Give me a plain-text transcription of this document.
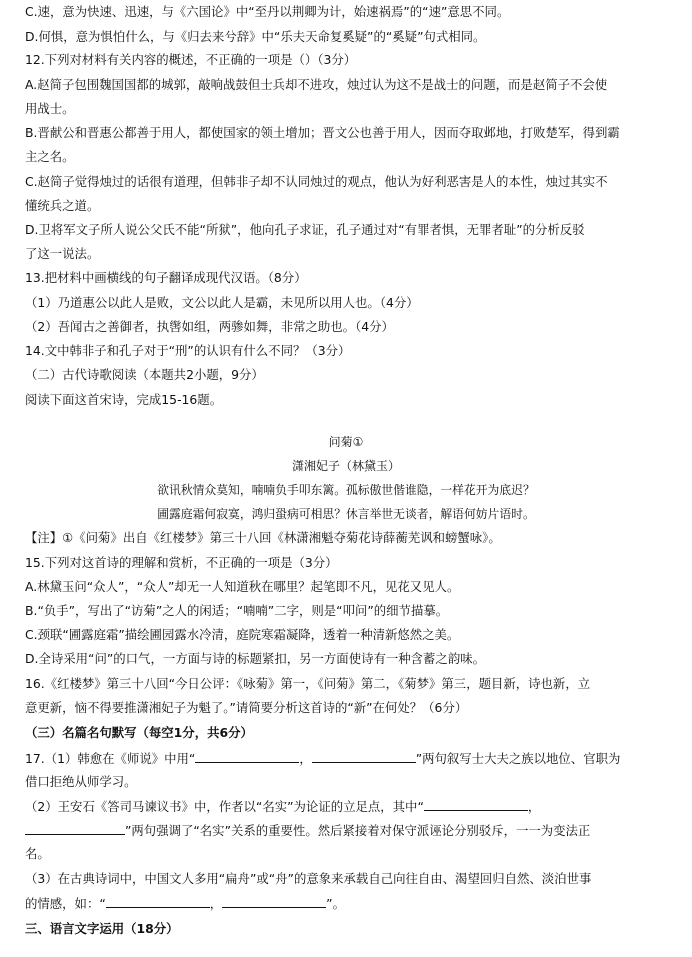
C.速，意为快速、迅速，与《六国论》中“至丹以荆卿为计，始速祸焉”的“速”意思不同。
D.何惧，意为惧怕什么，与《归去来兮辞》中“乐夫天命复奚疑”的“奚疑”句式相同。
12.下列对材料有关内容的概述，不正确的一项是（）（3分）
A.赵简子包围魏国国都的城郭，敲响战鼓但士兵却不进攻，烛过认为这不是战士的问题，而是赵简子不会使
用战士。
B.晋献公和晋惠公都善于用人，都使国家的领土增加；晋文公也善于用人，因而夺取邺地，打败楚军，得到霸
主之名。
C.赵简子觉得烛过的话很有道理，但韩非子却不认同烛过的观点，他认为好利恶害是人的本性，烛过其实不
懂统兵之道。
D.卫将军文子所人说公父氏不能“所狱”，他向孔子求证，孔子通过对“有罪者惧，无罪者耻”的分析反驳
了这一说法。
13.把材料中画横线的句子翻译成现代汉语。（8分）
（1）乃道惠公以此人是败，文公以此人是霸，未见所以用人也。（4分）
（2）吾闻古之善御者，执辔如组，两骖如舞，非常之助也。（4分）
14.文中韩非子和孔子对于“刑”的认识有什么不同？（3分）
（二）古代诗歌阅读（本题共2小题，9分）
阅读下面这首宋诗，完成15-16题。
问菊①
潇湘妃子（林黛玉）
欲讯秋情众莫知，喃喃负手叩东篱。孤标傲世偕谁隐，一样花开为底迟？
圃露庭霜何寂寞，鸿归蛩病可相思？休言举世无谈者，解语何妨片语时。
【注】①《问菊》出自《红楼梦》第三十八回《林潇湘魁夺菊花诗薛蘅芜讽和螃蟹咏》。
15.下列对这首诗的理解和赏析，不正确的一项是（3分）
A.林黛玉问“众人”，“众人”却无一人知道秋在哪里？起笔即不凡，见花又见人。
B.“负手”，写出了“访菊”之人的闲适；“喃喃”二字，则是“叩问”的细节描摹。
C.颈联“圃露庭霜”描绘圃园露水冷清，庭院寒霜凝降，透着一种清新悠然之美。
D.全诗采用“问”的口气，一方面与诗的标题紧扣，另一方面使诗有一种含蓄之韵味。
16.《红楼梦》第三十八回“今日公评：《咏菊》第一，《问菊》第二，《菊梦》第三，题目新，诗也新，立
意更新，恼不得要推潇湘妃子为魁了。”请简要分析这首诗的“新”在何处？（6分）
（三）名篇名句默写（每空1分，共6分）
17.（1）韩愈在《师说》中用“	，	”两句叙写士大夫之族以地位、官职为
借口拒绝从师学习。
（2）王安石《答司马谏议书》中，作者以“名实”为论证的立足点，其中“	，
”两句强调了“名实”关系的重要性。然后紧接着对保守派诬论分别驳斥，一一为变法正
名。
（3）在古典诗词中，中国文人多用“扁舟”或“舟”的意象来承载自己向往自由、渴望回归自然、淡泊世事
的情感，如：“	，	”。
三、语言文字运用（18分）
